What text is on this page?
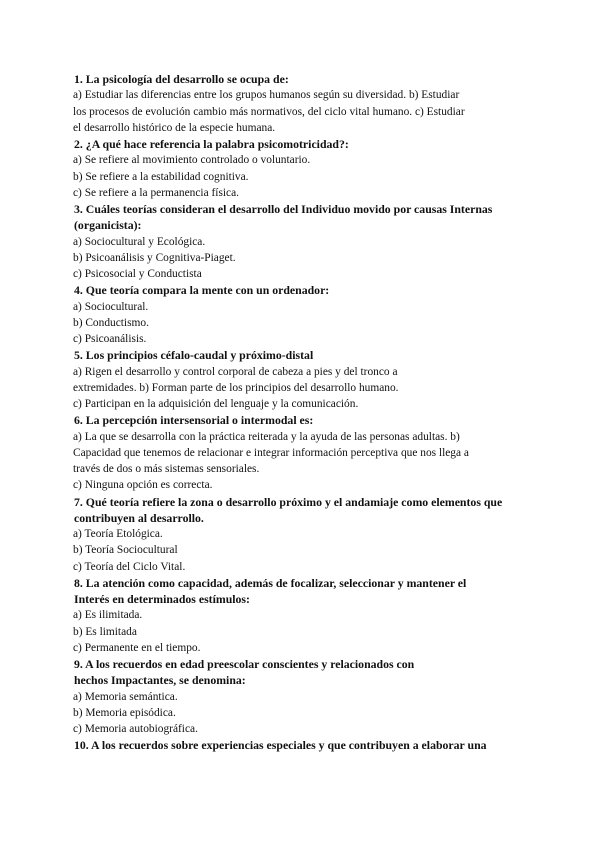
1. La psicología del desarrollo se ocupa de:
a) Estudiar las diferencias entre los grupos humanos según su diversidad. b) Estudiar
los procesos de evolución cambio más normativos, del ciclo vital humano. c) Estudiar
el desarrollo histórico de la especie humana.
2. ¿A qué hace referencia la palabra psicomotricidad?:
a) Se refiere al movimiento controlado o voluntario.
b) Se refiere a la estabilidad cognitiva.
c) Se refiere a la permanencia física.
3. Cuáles teorías consideran el desarrollo del Individuo movido por causas Internas
(organicista):
a) Sociocultural y Ecológica.
b) Psicoanálisis y Cognitiva-Piaget.
c) Psicosocial y Conductista
4. Que teoría compara la mente con un ordenador:
a) Sociocultural.
b) Conductismo.
c) Psicoanálisis.
5. Los principios céfalo-caudal y próximo-distal
a) Rigen el desarrollo y control corporal de cabeza a pies y del tronco a
extremidades. b) Forman parte de los principios del desarrollo humano.
c) Participan en la adquisición del lenguaje y la comunicación.
6. La percepción intersensorial o intermodal es:
a) La que se desarrolla con la práctica reiterada y la ayuda de las personas adultas. b)
Capacidad que tenemos de relacionar e integrar información perceptiva que nos llega a
través de dos o más sistemas sensoriales.
c) Ninguna opción es correcta.
7. Qué teoría refiere la zona o desarrollo próximo y el andamiaje como elementos que
contribuyen al desarrollo.
a) Teoría Etológica.
b) Teoría Sociocultural
c) Teoría del Ciclo Vital.
8. La atención como capacidad, además de focalizar, seleccionar y mantener el
Interés en determinados estímulos:
a) Es ilimitada.
b) Es limitada
c) Permanente en el tiempo.
9. A los recuerdos en edad preescolar conscientes y relacionados con
hechos Impactantes, se denomina:
a) Memoria semántica.
b) Memoria episódica.
c) Memoria autobiográfica.
10. A los recuerdos sobre experiencias especiales y que contribuyen a elaborar una
